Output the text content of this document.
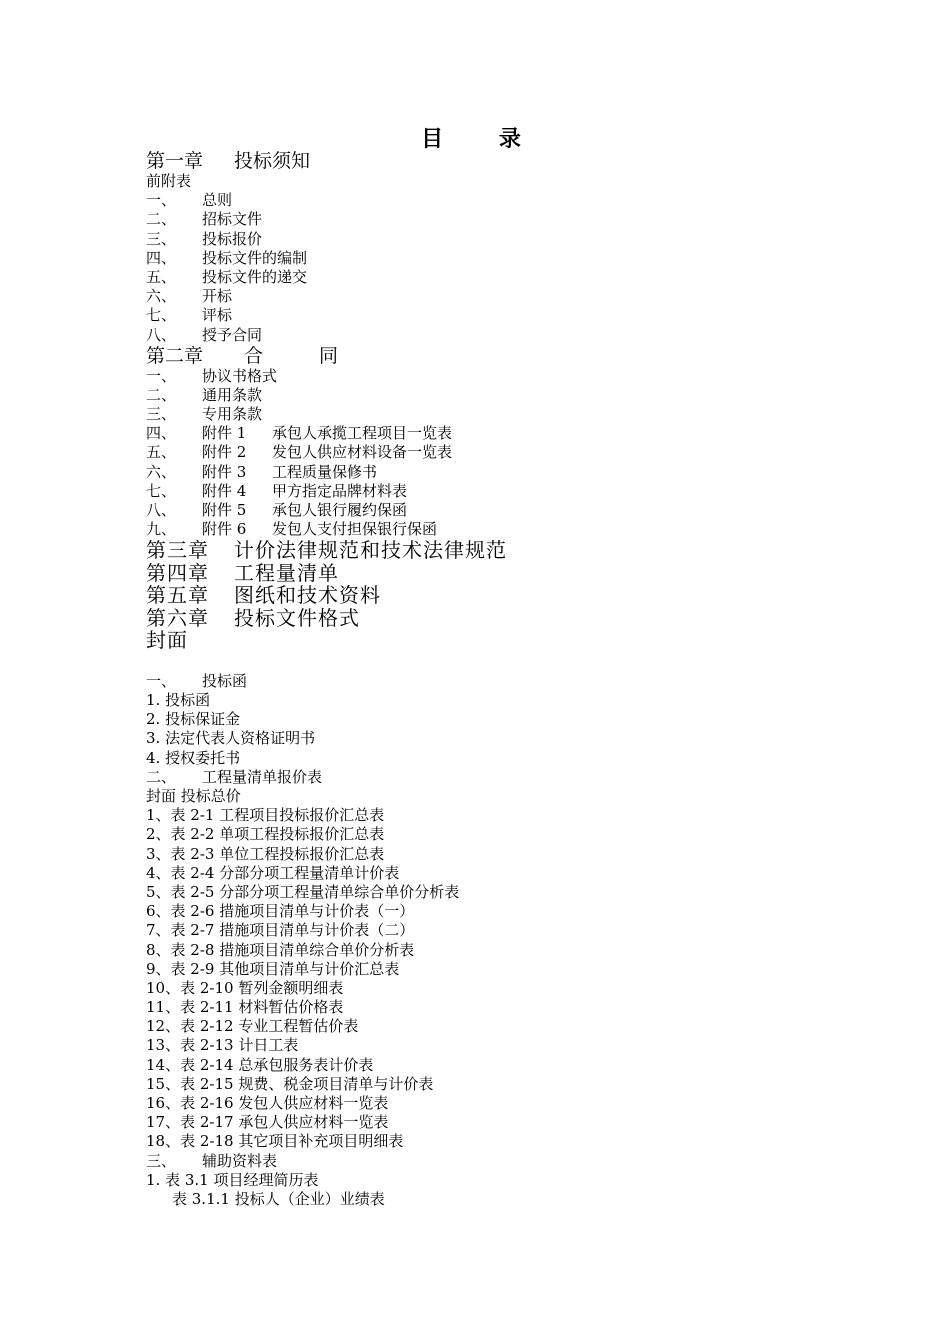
目 录
第一章 投标须知
前附表
一、 总则
二、 招标文件
三、 投标报价
四、 投标文件的编制
五、 投标文件的递交
六、 开标
七、 评标
八、 授予合同
第二章 合同
一、 协议书格式
二、 通用条款
三、 专用条款
四、 附件 1 承包人承揽工程项目一览表
五、 附件 2 发包人供应材料设备一览表
六、 附件 3 工程质量保修书
七、 附件 4 甲方指定品牌材料表
八、 附件 5 承包人银行履约保函
九、 附件 6 发包人支付担保银行保函
第三章 计价法律规范和技术法律规范
第四章 工程量清单
第五章 图纸和技术资料
第六章 投标文件格式
封面
一、 投标函
1. 投标函
2. 投标保证金
3. 法定代表人资格证明书
4. 授权委托书
二、 工程量清单报价表
封面 投标总价
1、表 2-1 工程项目投标报价汇总表
2、表 2-2 单项工程投标报价汇总表
3、表 2-3 单位工程投标报价汇总表
4、表 2-4 分部分项工程量清单计价表
5、表 2-5 分部分项工程量清单综合单价分析表
6、表 2-6 措施项目清单与计价表（一）
7、表 2-7 措施项目清单与计价表（二）
8、表 2-8 措施项目清单综合单价分析表
9、表 2-9 其他项目清单与计价汇总表
10、表 2-10 暂列金额明细表
11、表 2-11 材料暂估价格表
12、表 2-12 专业工程暂估价表
13、表 2-13 计日工表
14、表 2-14 总承包服务表计价表
15、表 2-15 规费、税金项目清单与计价表
16、表 2-16 发包人供应材料一览表
17、表 2-17 承包人供应材料一览表
18、表 2-18 其它项目补充项目明细表
三、 辅助资料表
1. 表 3.1 项目经理简历表
表 3.1.1 投标人（企业）业绩表
